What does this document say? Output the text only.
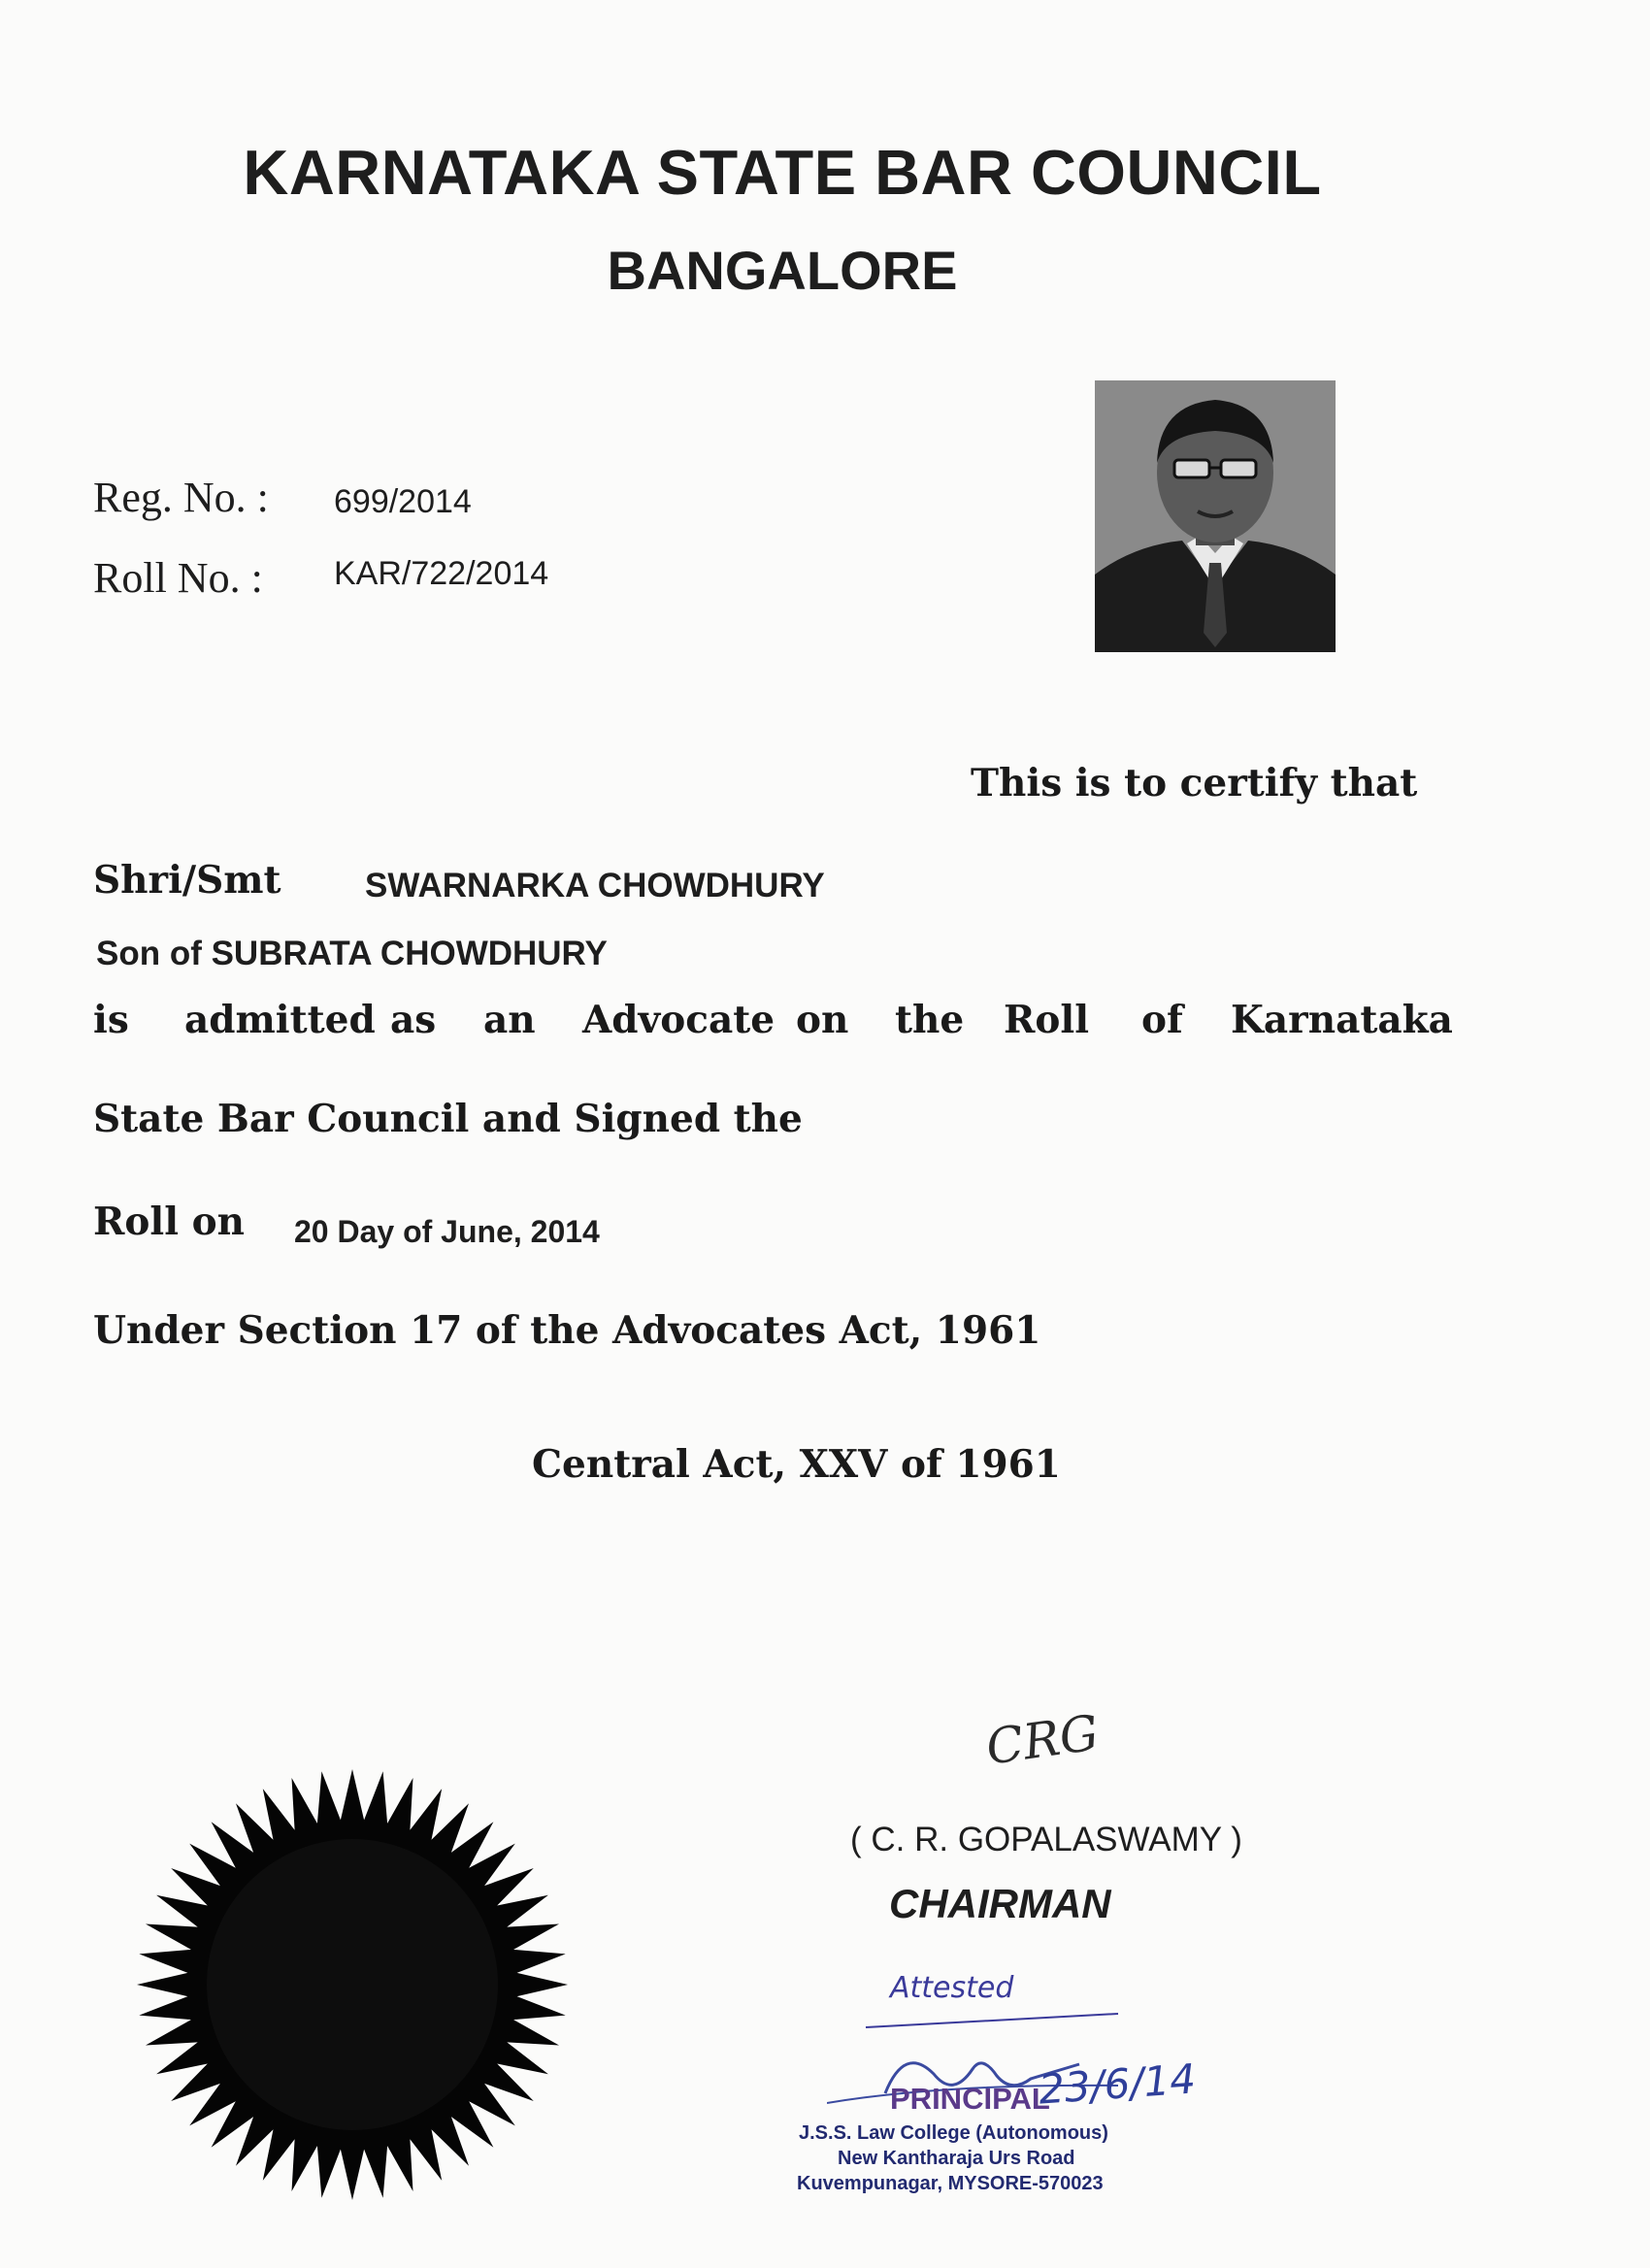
KARNATAKA STATE BAR COUNCIL
BANGALORE
Reg. No. : 699/2014
Roll No. : KAR/722/2014
This is to certify that
Shri/Smt SWARNARKA CHOWDHURY
Son of SUBRATA CHOWDHURY
is admitted as an Advocate on the Roll of Karnataka
State Bar Council and Signed the
Roll on 20 Day of June, 2014
Under Section 17 of the Advocates Act, 1961
Central Act, XXV of 1961
CRG
( C. R. GOPALASWAMY )
CHAIRMAN
Attested
23/6/14
PRINCIPAL
J.S.S. Law College (Autonomous)
New Kantharaja Urs Road
Kuvempunagar, MYSORE-570023
